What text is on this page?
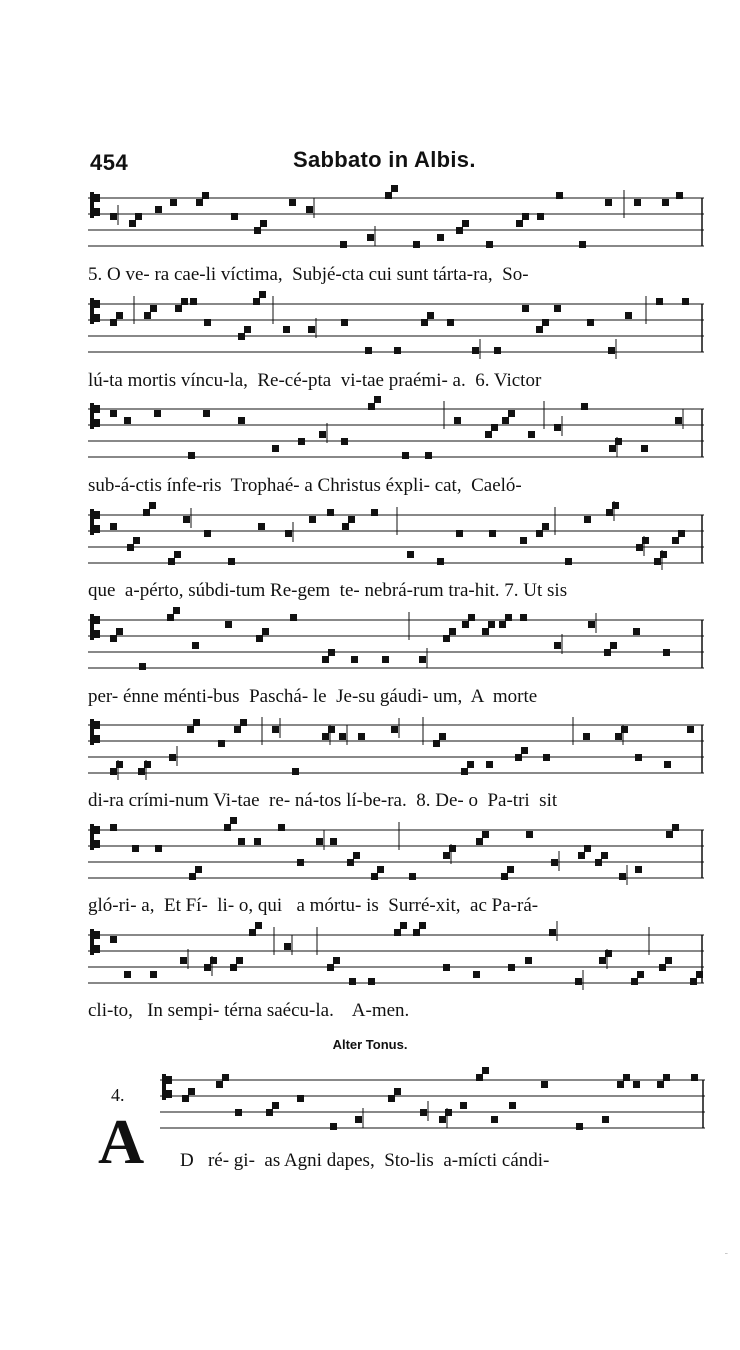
454	Sabbato in Albis.
5. O ve- ra cae-li víctima,  Subjé-cta cui sunt tárta-ra,  So-
lú-ta mortis víncu-la,  Re-cé-pta  vi-tae praémi- a.  6. Victor
sub-á-ctis ínfe-ris  Trophaé- a Christus éxpli- cat,  Caeló-
que  a-pérto, súbdi-tum Re-gem  te- nebrá-rum tra-hit. 7. Ut sis
per- énne ménti-bus  Paschá- le  Je-su gáudi- um,  A  morte
di-ra crími-num Vi-tae  re- ná-tos lí-be-ra.  8. De- o  Pa-tri  sit
gló-ri- a,  Et Fí-  li- o, qui   a mórtu- is  Surré-xit,  ac Pa-rá-
cli-to,   In sempi- térna saécu-la.    A-men.
Alter Tonus.
4.
A D   ré- gi-  as Agni dapes,  Sto-lis  a-mícti cándi-
-
